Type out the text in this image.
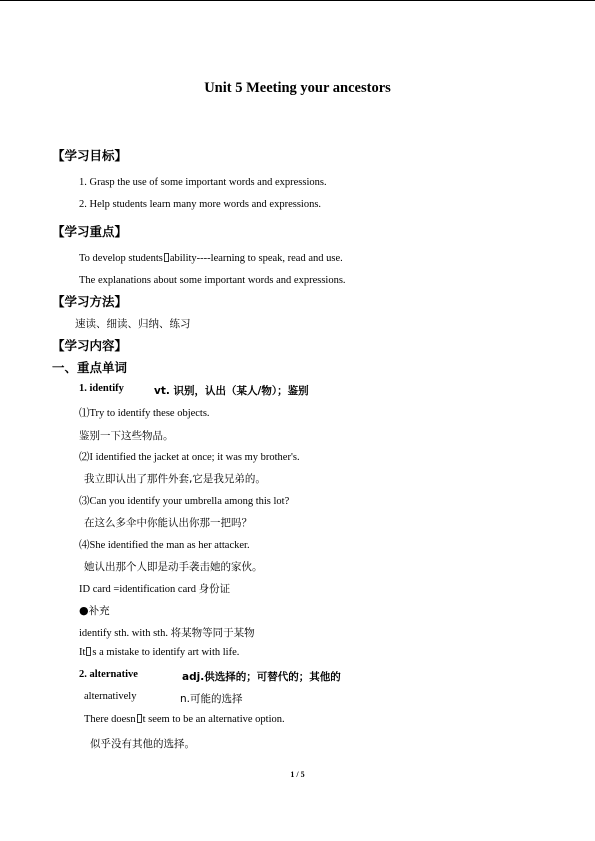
Unit 5 Meeting your ancestors
【学习目标】
1. Grasp the use of some important words and expressions.
2. Help students learn many more words and expressions.
【学习重点】
To develop students ability----learning to speak, read and use.
The explanations about some important words and expressions.
【学习方法】
速读、细读、归纳、练习
【学习内容】
一、重点单词
1. identify	vt. 识别，认出（某人/物）；鉴别
⑴Try to identify these objects.
鉴别一下这些物品。
⑵I identified the jacket at once; it was my brother's.
我立即认出了那件外套,它是我兄弟的。
⑶Can you identify your umbrella among this lot?
在这么多伞中你能认出你那一把吗？
⑷She identified the man as her attacker.
她认出那个人即是动手袭击她的家伙。
ID card =identification card 身份证
●补充
identify sth. with sth. 将某物等同于某物
It s a mistake to identify art with life.
2. alternative	adj.供选择的；可替代的；其他的
alternatively	n.可能的选择
There doesn t seem to be an alternative option.
似乎没有其他的选择。
1 / 5
